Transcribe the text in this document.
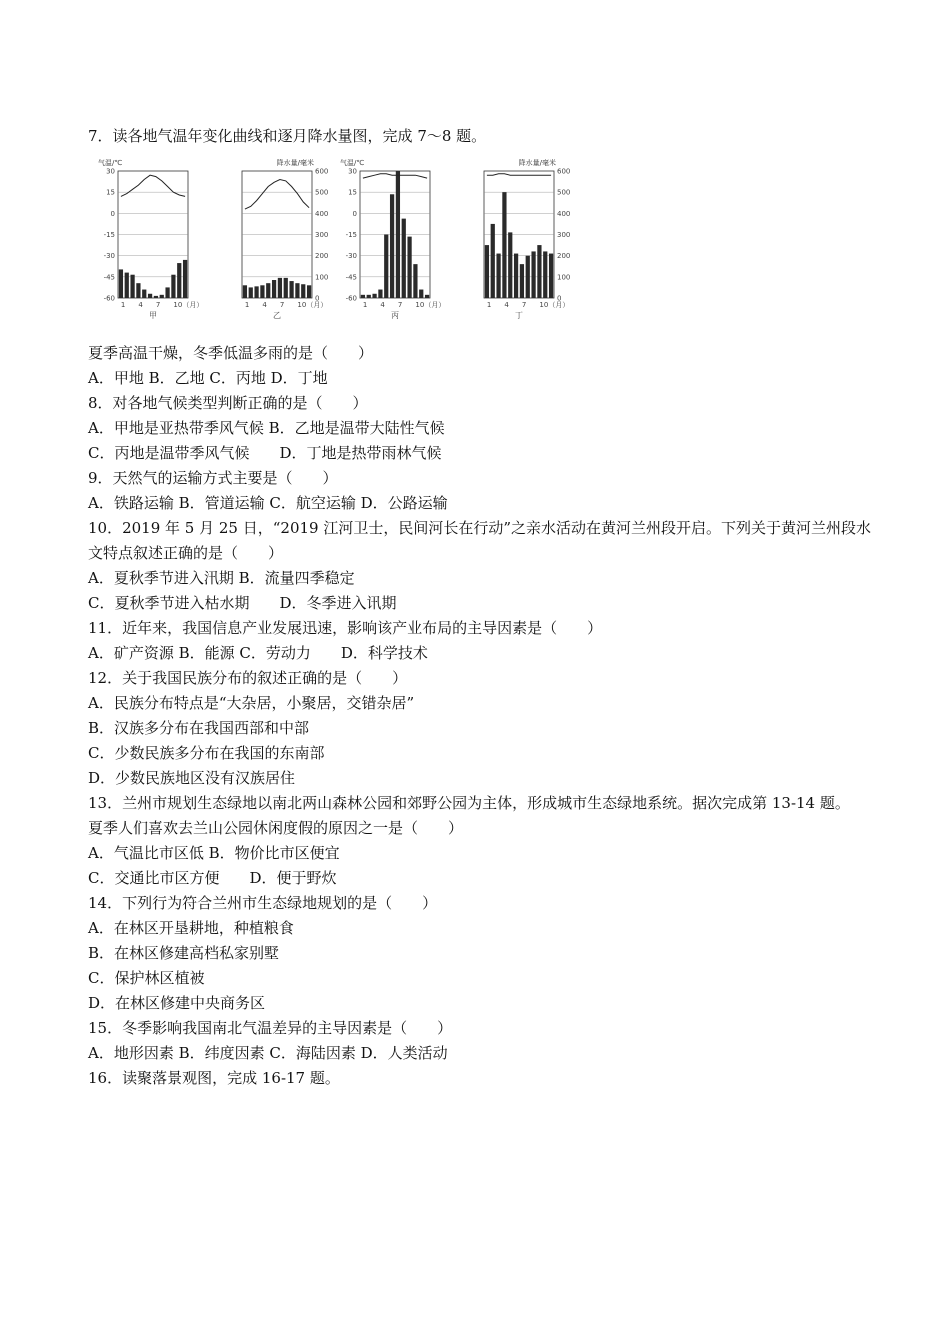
7．读各地气温年变化曲线和逐月降水量图，完成 7～8 题。
气温/℃
30
15
0
-15
-30
-45
-60
1 4 7 10（月）
甲
降水量/毫米
600
500
400
300
200
100
0
1 4 7 10（月）
乙
气温/℃
30
15
0
-15
-30
-45
-60
1 4 7 10（月）
丙
降水量/毫米
600
500
400
300
200
100
0
1 4 7 10（月）
丁
夏季高温干燥，冬季低温多雨的是（　　）
A．甲地 B．乙地 C．丙地 D．丁地
8．对各地气候类型判断正确的是（　　）
A．甲地是亚热带季风气候 B．乙地是温带大陆性气候
C．丙地是温带季风气候　　D．丁地是热带雨林气候
9．天然气的运输方式主要是（　　）
A．铁路运输 B．管道运输 C．航空运输 D．公路运输
10．2019 年 5 月 25 日，“2019 江河卫士，民间河长在行动”之亲水活动在黄河兰州段开启。下列关于黄河兰州段水文特点叙述正确的是（　　）
A．夏秋季节进入汛期 B．流量四季稳定
C．夏秋季节进入枯水期　　D．冬季进入讯期
11．近年来，我国信息产业发展迅速，影响该产业布局的主导因素是（　　）
A．矿产资源 B．能源 C．劳动力　　D．科学技术
12．关于我国民族分布的叙述正确的是（　　）
A．民族分布特点是“大杂居，小聚居，交错杂居”
B．汉族多分布在我国西部和中部
C．少数民族多分布在我国的东南部
D．少数民族地区没有汉族居住
13．兰州市规划生态绿地以南北两山森林公园和郊野公园为主体，形成城市生态绿地系统。据次完成第 13-14 题。
夏季人们喜欢去兰山公园休闲度假的原因之一是（　　）
A．气温比市区低 B．物价比市区便宜
C．交通比市区方便　　D．便于野炊
14．下列行为符合兰州市生态绿地规划的是（　　）
A．在林区开垦耕地，种植粮食
B．在林区修建高档私家别墅
C．保护林区植被
D．在林区修建中央商务区
15．冬季影响我国南北气温差异的主导因素是（　　）
A．地形因素 B．纬度因素 C．海陆因素 D．人类活动
16．读聚落景观图，完成 16-17 题。
